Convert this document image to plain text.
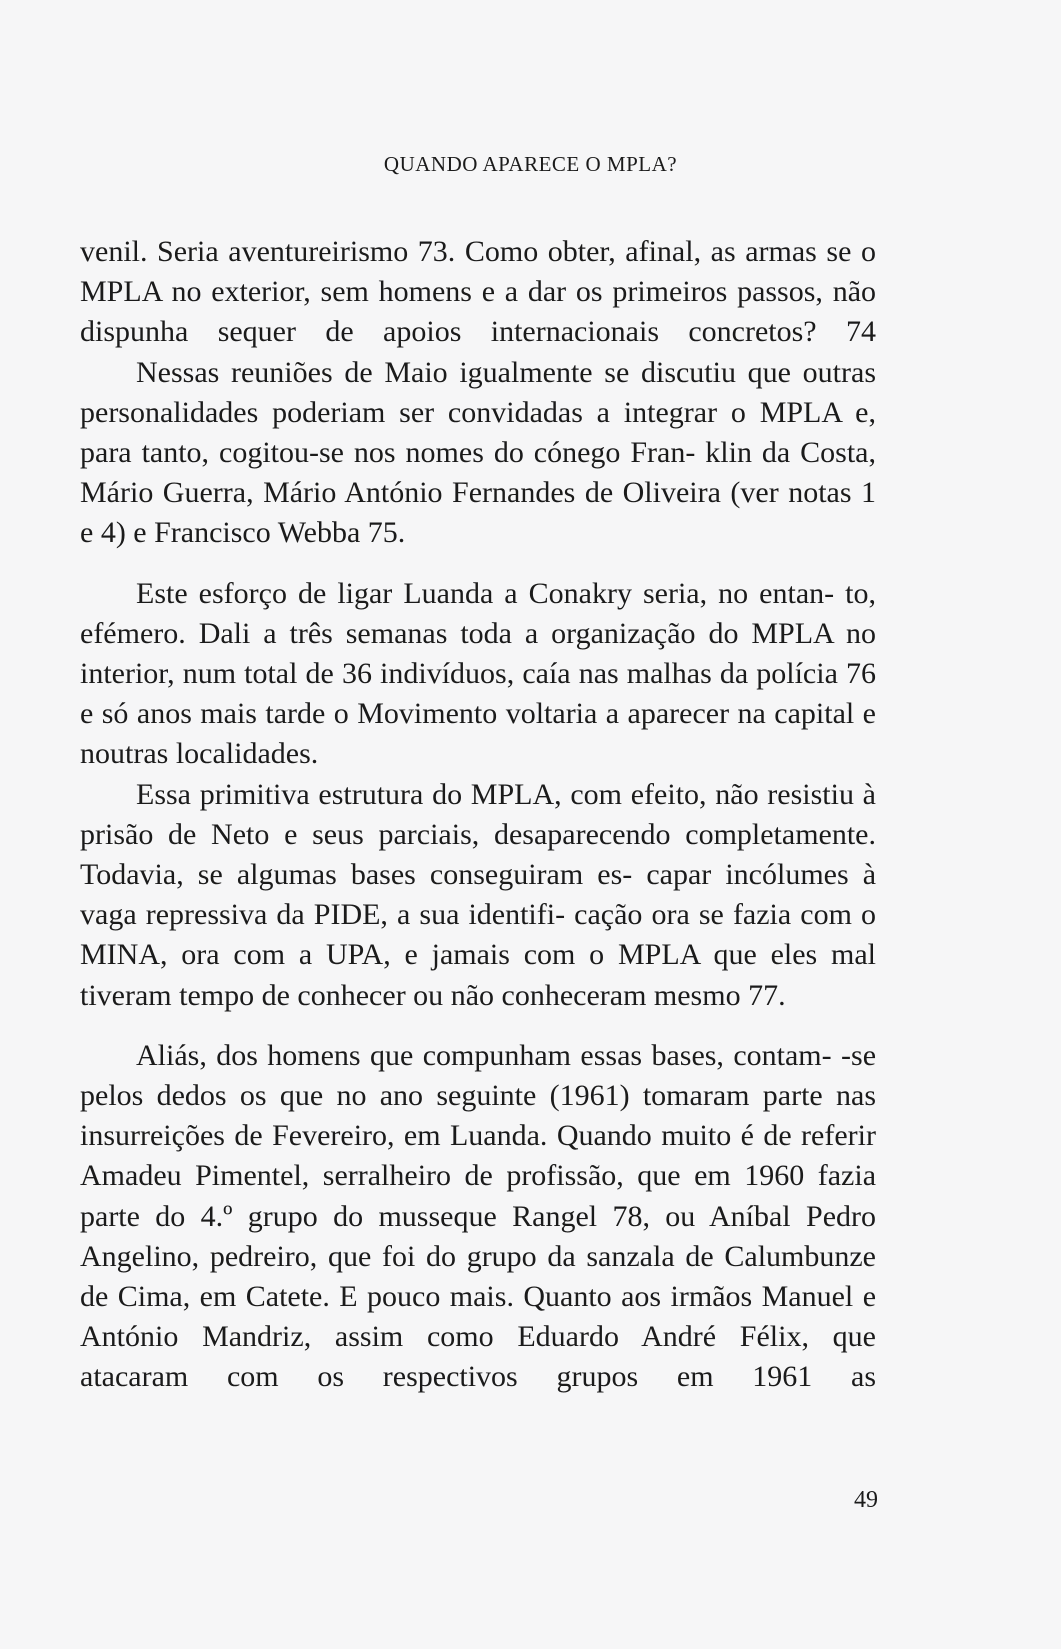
QUANDO APARECE O MPLA?

venil. Seria aventureirismo 73. Como obter, afinal, as armas se o MPLA no exterior, sem homens e a dar os primeiros passos, não dispunha sequer de apoios internacionais concretos? 74

Nessas reuniões de Maio igualmente se discutiu que outras personalidades poderiam ser convidadas a integrar o MPLA e, para tanto, cogitou-se nos nomes do cónego Fran- klin da Costa, Mário Guerra, Mário António Fernandes de Oliveira (ver notas 1 e 4) e Francisco Webba 75.

Este esforço de ligar Luanda a Conakry seria, no entan- to, efémero. Dali a três semanas toda a organização do MPLA no interior, num total de 36 indivíduos, caía nas malhas da polícia 76 e só anos mais tarde o Movimento voltaria a aparecer na capital e noutras localidades.

Essa primitiva estrutura do MPLA, com efeito, não resistiu à prisão de Neto e seus parciais, desaparecendo completamente. Todavia, se algumas bases conseguiram es- capar incólumes à vaga repressiva da PIDE, a sua identifi- cação ora se fazia com o MINA, ora com a UPA, e jamais com o MPLA que eles mal tiveram tempo de conhecer ou não conheceram mesmo 77.

Aliás, dos homens que compunham essas bases, contam- -se pelos dedos os que no ano seguinte (1961) tomaram parte nas insurreições de Fevereiro, em Luanda. Quando muito é de referir Amadeu Pimentel, serralheiro de profissão, que em 1960 fazia parte do 4.º grupo do musseque Rangel 78, ou Aníbal Pedro Angelino, pedreiro, que foi do grupo da sanzala de Calumbunze de Cima, em Catete. E pouco mais. Quanto aos irmãos Manuel e António Mandriz, assim como Eduardo André Félix, que atacaram com os respectivos grupos em 1961 as

49
